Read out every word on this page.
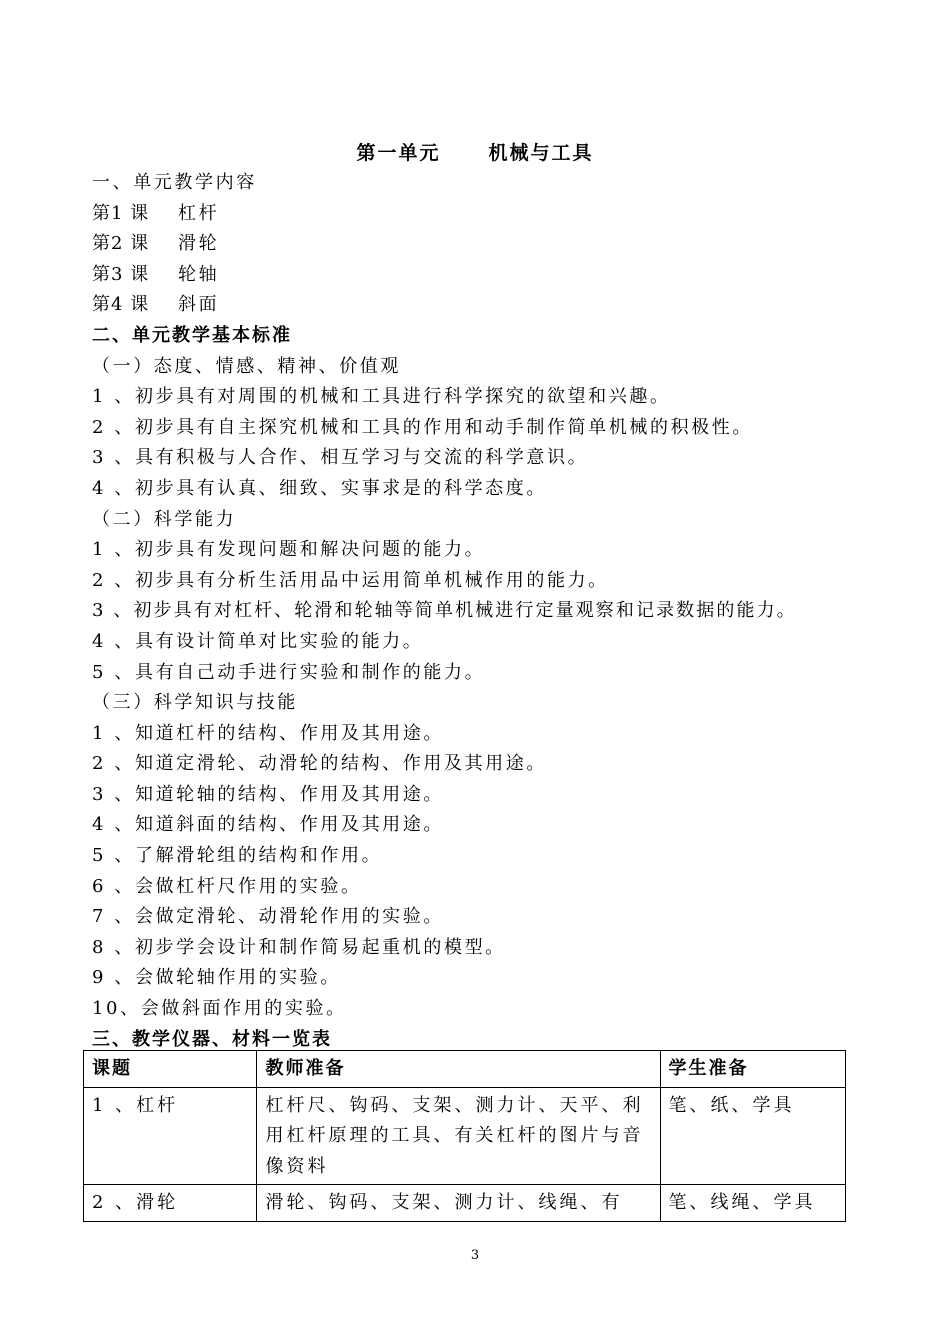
第一单元	机械与工具
一、单元教学内容
第1 课 杠杆
第2 课 滑轮
第3 课 轮轴
第4 课 斜面
二、单元教学基本标准
（一）态度、情感、精神、价值观
1 、初步具有对周围的机械和工具进行科学探究的欲望和兴趣。
2 、初步具有自主探究机械和工具的作用和动手制作简单机械的积极性。
3 、具有积极与人合作、相互学习与交流的科学意识。
4 、初步具有认真、细致、实事求是的科学态度。
（二）科学能力
1 、初步具有发现问题和解决问题的能力。
2 、初步具有分析生活用品中运用简单机械作用的能力。
3 、初步具有对杠杆、轮滑和轮轴等简单机械进行定量观察和记录数据的能力。
4 、具有设计简单对比实验的能力。
5 、具有自己动手进行实验和制作的能力。
（三）科学知识与技能
1 、知道杠杆的结构、作用及其用途。
2 、知道定滑轮、动滑轮的结构、作用及其用途。
3 、知道轮轴的结构、作用及其用途。
4 、知道斜面的结构、作用及其用途。
5 、了解滑轮组的结构和作用。
6 、会做杠杆尺作用的实验。
7 、会做定滑轮、动滑轮作用的实验。
8 、初步学会设计和制作简易起重机的模型。
9 、会做轮轴作用的实验。
10、会做斜面作用的实验。
三、教学仪器、材料一览表
课题	教师准备	学生准备
1 、杠杆	杠杆尺、钩码、支架、测力计、天平、利用杠杆原理的工具、有关杠杆的图片与音像资料	笔、纸、学具
2 、滑轮	滑轮、钩码、支架、测力计、线绳、有	笔、线绳、学具
3
